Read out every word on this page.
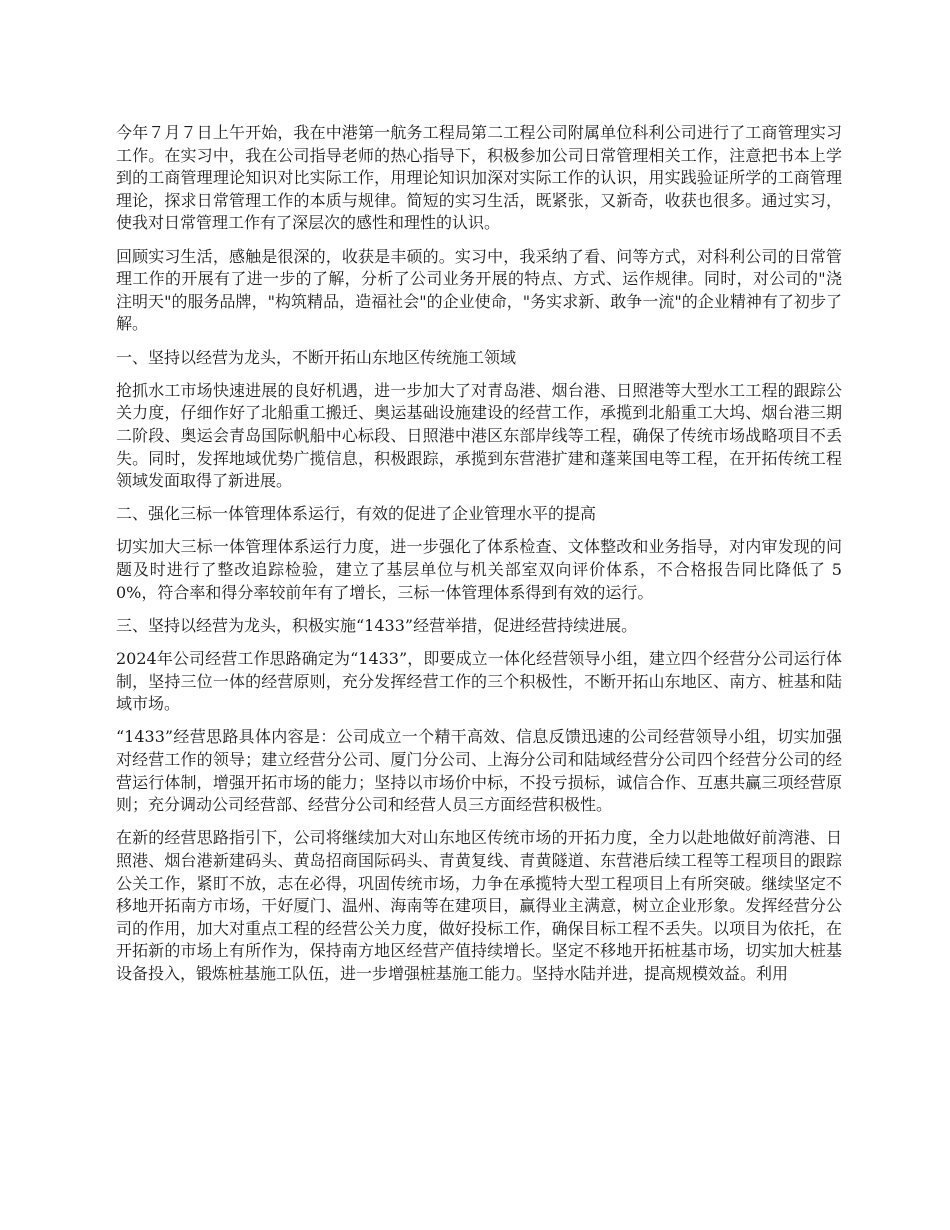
今年７月７日上午开始，我在中港第一航务工程局第二工程公司附属单位科利公司进行了工商管理实习工作。在实习中，我在公司指导老师的热心指导下，积极参加公司日常管理相关工作，注意把书本上学到的工商管理理论知识对比实际工作，用理论知识加深对实际工作的认识，用实践验证所学的工商管理理论，探求日常管理工作的本质与规律。简短的实习生活，既紧张，又新奇，收获也很多。通过实习，使我对日常管理工作有了深层次的感性和理性的认识。

回顾实习生活，感触是很深的，收获是丰硕的。实习中，我采纳了看、问等方式，对科利公司的日常管理工作的开展有了进一步的了解，分析了公司业务开展的特点、方式、运作规律。同时，对公司的"浇注明天"的服务品牌，"构筑精品，造福社会"的企业使命，"务实求新、敢争一流"的企业精神有了初步了解。

一、坚持以经营为龙头，不断开拓山东地区传统施工领域

抢抓水工市场快速进展的良好机遇，进一步加大了对青岛港、烟台港、日照港等大型水工工程的跟踪公关力度，仔细作好了北船重工搬迁、奥运基础设施建设的经营工作，承揽到北船重工大坞、烟台港三期二阶段、奥运会青岛国际帆船中心标段、日照港中港区东部岸线等工程，确保了传统市场战略项目不丢失。同时，发挥地域优势广揽信息，积极跟踪，承揽到东营港扩建和蓬莱国电等工程，在开拓传统工程领域发面取得了新进展。

二、强化三标一体管理体系运行，有效的促进了企业管理水平的提高

切实加大三标一体管理体系运行力度，进一步强化了体系检查、文体整改和业务指导，对内审发现的问题及时进行了整改追踪检验，建立了基层单位与机关部室双向评价体系，不合格报告同比降低了 50%，符合率和得分率较前年有了增长，三标一体管理体系得到有效的运行。

三、坚持以经营为龙头，积极实施“1433”经营举措，促进经营持续进展。

2024年公司经营工作思路确定为“1433”，即要成立一体化经营领导小组，建立四个经营分公司运行体制，坚持三位一体的经营原则，充分发挥经营工作的三个积极性，不断开拓山东地区、南方、桩基和陆域市场。

“1433”经营思路具体内容是：公司成立一个精干高效、信息反馈迅速的公司经营领导小组，切实加强对经营工作的领导；建立经营分公司、厦门分公司、上海分公司和陆域经营分公司四个经营分公司的经营运行体制，增强开拓市场的能力；坚持以市场价中标，不投亏损标，诚信合作、互惠共赢三项经营原则；充分调动公司经营部、经营分公司和经营人员三方面经营积极性。

在新的经营思路指引下，公司将继续加大对山东地区传统市场的开拓力度，全力以赴地做好前湾港、日照港、烟台港新建码头、黄岛招商国际码头、青黄复线、青黄隧道、东营港后续工程等工程项目的跟踪公关工作，紧盯不放，志在必得，巩固传统市场，力争在承揽特大型工程项目上有所突破。继续坚定不移地开拓南方市场，干好厦门、温州、海南等在建项目，赢得业主满意，树立企业形象。发挥经营分公司的作用，加大对重点工程的经营公关力度，做好投标工作，确保目标工程不丢失。以项目为依托，在开拓新的市场上有所作为，保持南方地区经营产值持续增长。坚定不移地开拓桩基市场，切实加大桩基设备投入，锻炼桩基施工队伍，进一步增强桩基施工能力。坚持水陆并进，提高规模效益。利用
